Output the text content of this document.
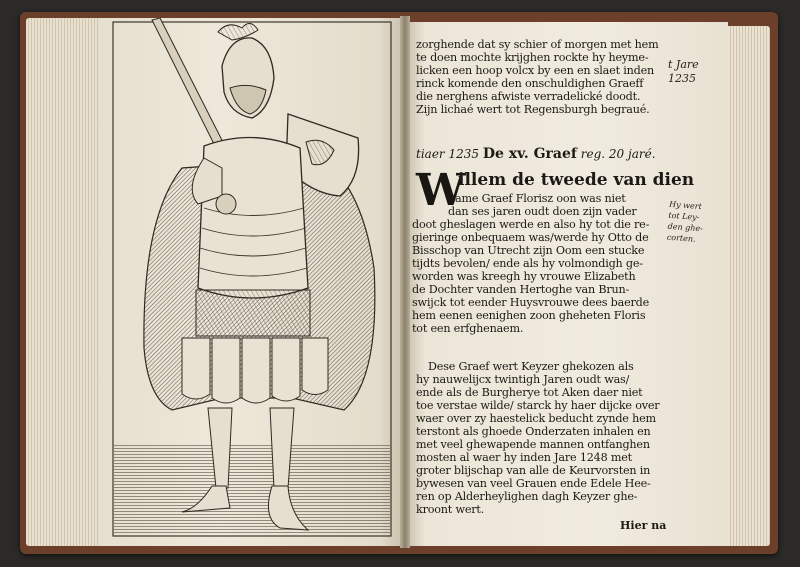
zorghende dat sy schier of morgen met hem
te doen mochte krijghen rockte hy heyme-
licken een hoop volcx by een en slaet inden
rinck komende den onschuldighen Graeff
die nerghens afwiste verradelické doodt.
Zijn lichaé wert tot Regensburgh begraué.
tiaer 1235 De xv. Graef reg. 20 jaré.
W
illem de tweede van dien
name Graef Florisz oon was niet
dan ses jaren oudt doen zijn vader
doot gheslagen werde en also hy tot die re-
gieringe onbequaem was/werde hy Otto de
Bisschop van Utrecht zijn Oom een stucke
tijdts bevolen/ ende als hy volmondigh ge-
worden was kreegh hy vrouwe Elizabeth
de Dochter vanden Hertoghe van Brun-
swijck tot eender Huysvrouwe dees baerde
hem eenen eenighen zoon gheheten Floris
tot een erfghenaem.
Dese Graef wert Keyzer ghekozen als
hy nauwelijcx twintigh Jaren oudt was/
ende als de Burgherye tot Aken daer niet
toe verstae wilde/ starck hy haer dijcke over
waer over zy haestelick beducht zynde hem
terstont als ghoede Onderzaten inhalen en
met veel ghewapende mannen ontfanghen
mosten al waer hy inden Jare 1248 met
groter blijschap van alle de Keurvorsten in
bywesen van veel Grauen ende Edele Hee-
ren op Alderheylighen dagh Keyzer ghe-
kroont wert.
Hier na
t Jare
1235
Hy wert
tot Ley-
den ghe-
corten.
